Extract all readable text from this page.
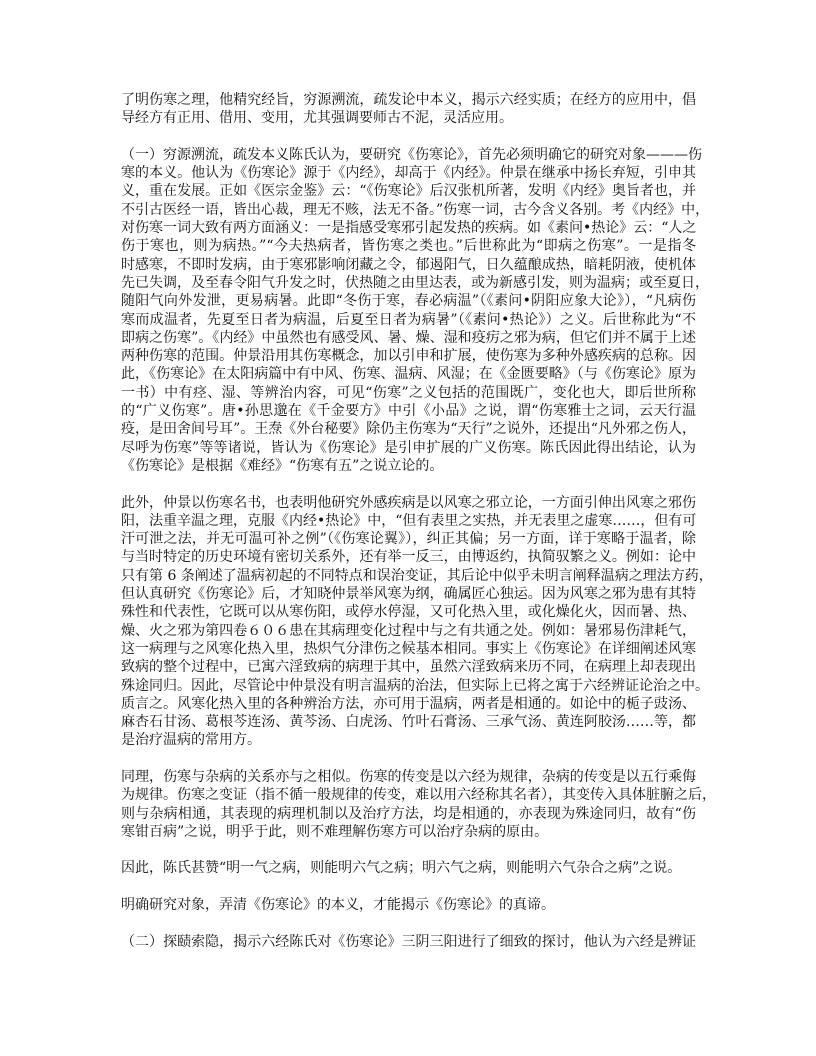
了明伤寒之理，他精究经旨，穷源溯流，疏发论中本义，揭示六经实质；在经方的应用中，倡
导经方有正用、借用、变用，尤其强调要师古不泥，灵活应用。
（一）穷源溯流，疏发本义陈氏认为，要研究《伤寒论》，首先必须明确它的研究对象———伤
寒的本义。他认为《伤寒论》源于《内经》，却高于《内经》。仲景在继承中扬长弃短，引申其
义，重在发展。正如《医宗金鉴》云：“《伤寒论》后汉张机所著，发明《内经》奥旨者也，并
不引古医经一语，皆出心裁，理无不赅，法无不备。”伤寒一词，古今含义各别。考《内经》中，
对伤寒一词大致有两方面涵义：一是指感受寒邪引起发热的疾病。如《素问•热论》云：“人之
伤于寒也，则为病热。”“今夫热病者，皆伤寒之类也。”后世称此为“即病之伤寒”。一是指冬
时感寒，不即时发病，由于寒邪影响闭藏之令，郁遏阳气，日久蕴酿成热，暗耗阴液，使机体
先已失调，及至春令阳气升发之时，伏热随之由里达表，或为新感引发，则为温病；或至夏日，
随阳气向外发泄，更易病暑。此即“冬伤于寒，春必病温”（《素问•阴阳应象大论》），“凡病伤
寒而成温者，先夏至日者为病温，后夏至日者为病暑”（《素问•热论》）之义。后世称此为“不
即病之伤寒”。《内经》中虽然也有感受风、暑、燥、湿和疫疠之邪为病，但它们并不属于上述
两种伤寒的范围。仲景沿用其伤寒概念，加以引申和扩展，使伤寒为多种外感疾病的总称。因
此，《伤寒论》在太阳病篇中有中风、伤寒、温病、风湿；在《金匮要略》（与《伤寒论》原为
一书）中有痉、湿、等辨治内容，可见“伤寒”之义包括的范围既广，变化也大，即后世所称
的“广义伤寒”。唐•孙思邈在《千金要方》中引《小品》之说，谓“伤寒雅士之词，云天行温
疫，是田舍间号耳”。王焘《外台秘要》除仍主伤寒为“天行”之说外，还提出“凡外邪之伤人，
尽呼为伤寒”等等诸说，皆认为《伤寒论》是引申扩展的广义伤寒。陈氏因此得出结论，认为
《伤寒论》是根据《难经》“伤寒有五”之说立论的。
此外，仲景以伤寒名书，也表明他研究外感疾病是以风寒之邪立论，一方面引伸出风寒之邪伤
阳，法重辛温之理，克服《内经•热论》中，“但有表里之实热，并无表里之虚寒……，但有可
汗可泄之法，并无可温可补之例”（《伤寒论翼》），纠正其偏；另一方面，详于寒略于温者，除
与当时特定的历史环境有密切关系外，还有举一反三，由博返约，执简驭繁之义。例如：论中
只有第 6 条阐述了温病初起的不同特点和误治变证，其后论中似乎未明言阐释温病之理法方药，
但认真研究《伤寒论》后，才知晓仲景举风寒为纲，确属匠心独运。因为风寒之邪为患有其特
殊性和代表性，它既可以从寒伤阳，或停水停湿，又可化热入里，或化燥化火，因而暑、热、
燥、火之邪为第四卷６０６患在其病理变化过程中与之有共通之处。例如：暑邪易伤津耗气，
这一病理与之风寒化热入里，热炽气分津伤之候基本相同。事实上《伤寒论》在详细阐述风寒
致病的整个过程中，已寓六淫致病的病理于其中，虽然六淫致病来历不同，在病理上却表现出
殊途同归。因此，尽管论中仲景没有明言温病的治法，但实际上已将之寓于六经辨证论治之中。
质言之。风寒化热入里的各种辨治方法，亦可用于温病，两者是相通的。如论中的栀子豉汤、
麻杏石甘汤、葛根芩连汤、黄芩汤、白虎汤、竹叶石膏汤、三承气汤、黄连阿胶汤……等，都
是治疗温病的常用方。
同理，伤寒与杂病的关系亦与之相似。伤寒的传变是以六经为规律，杂病的传变是以五行乘侮
为规律。伤寒之变证（指不循一般规律的传变，难以用六经称其名者），其变传入具体脏腑之后，
则与杂病相通，其表现的病理机制以及治疗方法，均是相通的，亦表现为殊途同归，故有“伤
寒钳百病”之说，明乎于此，则不难理解伤寒方可以治疗杂病的原由。
因此，陈氏甚赞“明一气之病，则能明六气之病；明六气之病，则能明六气杂合之病”之说。
明确研究对象，弄清《伤寒论》的本义，才能揭示《伤寒论》的真谛。
（二）探赜索隐，揭示六经陈氏对《伤寒论》三阴三阳进行了细致的探讨，他认为六经是辨证
